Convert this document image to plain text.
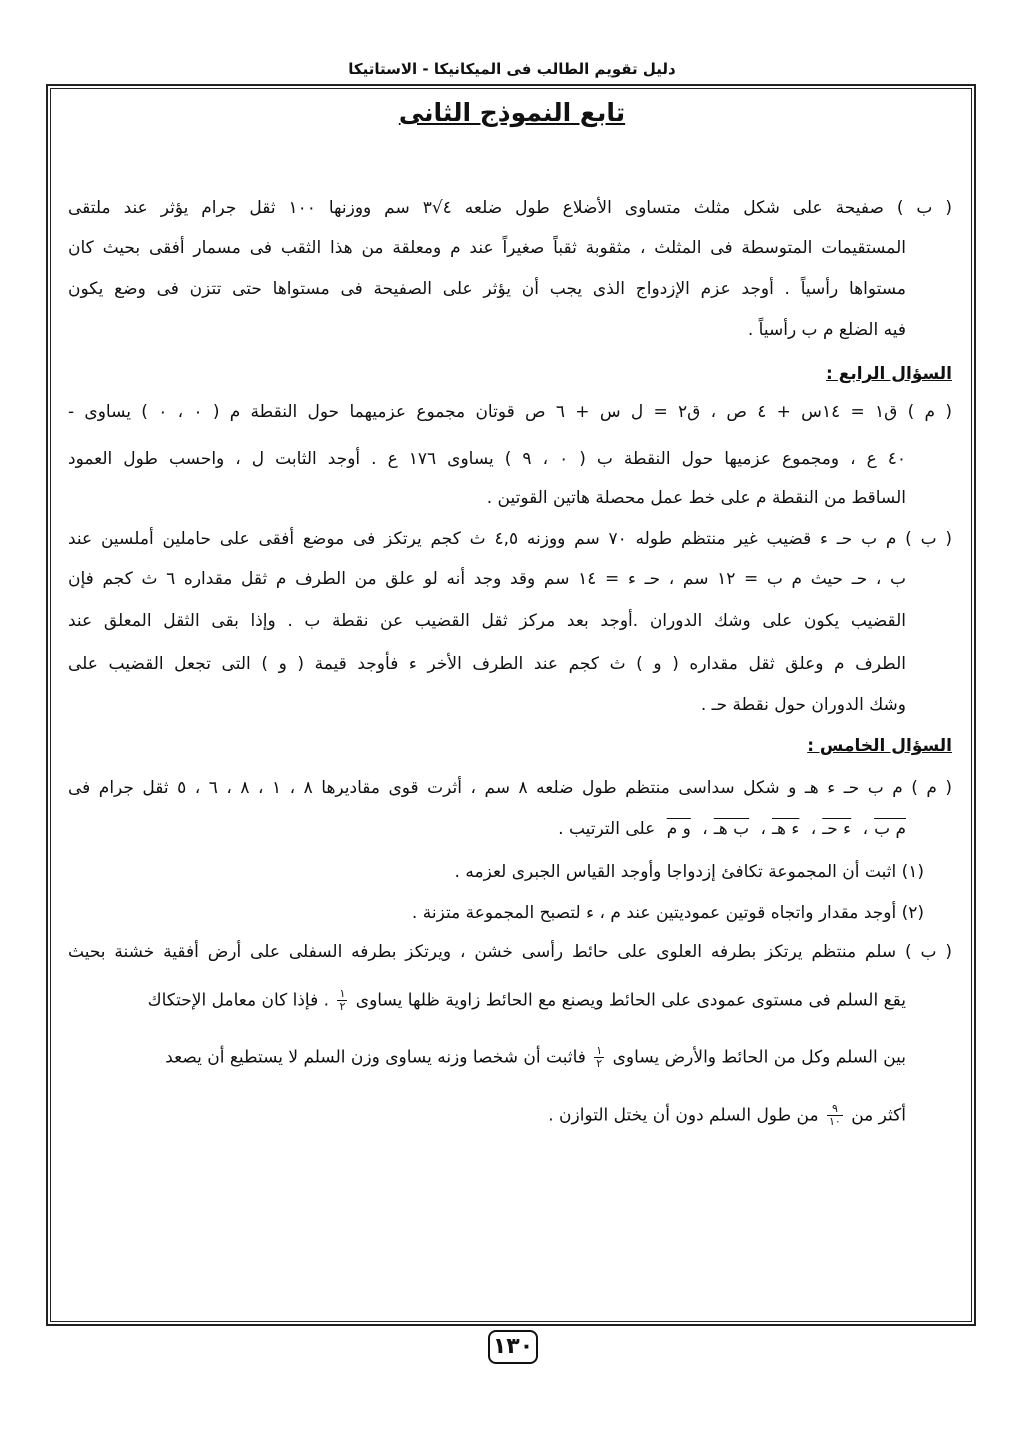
دليل تقويم الطالب فى الميكانيكا - الاستاتيكا
تابع النموذج الثانى
( ب ) صفيحة على شكل مثلث متساوى الأضلاع طول ضلعه ٤√٣ سم ووزنها ١٠٠ ثقل جرام يؤثر عند ملتقى
المستقيمات المتوسطة فى المثلث ، مثقوبة ثقباً صغيراً عند م ومعلقة من هذا الثقب فى مسمار أفقى بحيث كان
مستواها رأسياً . أوجد عزم الإزدواج الذى يجب أن يؤثر على الصفيحة فى مستواها حتى تتزن فى وضع يكون
فيه الضلع م ب رأسياً .
السؤال الرابع :
( م ) ق١ = ١٤س + ٤ ص ، ق٢ = ل س + ٦ ص قوتان مجموع عزميهما حول النقطة م ( ٠ ، ٠ ) يساوى -
٤٠ ع ، ومجموع عزميها حول النقطة ب ( ٠ ، ٩ ) يساوى ١٧٦ ع . أوجد الثابت ل ، واحسب طول العمود
الساقط من النقطة م على خط عمل محصلة هاتين القوتين .
( ب ) م ب حـ ء قضيب غير منتظم طوله ٧٠ سم ووزنه ٤,٥ ث كجم يرتكز فى موضع أفقى على حاملين أملسين عند
ب ، حـ حيث م ب = ١٢ سم ، حـ ء = ١٤ سم وقد وجد أنه لو علق من الطرف م ثقل مقداره ٦ ث كجم فإن
القضيب يكون على وشك الدوران .أوجد بعد مركز ثقل القضيب عن نقطة ب . وإذا بقى الثقل المعلق عند
الطرف م وعلق ثقل مقداره ( و ) ث كجم عند الطرف الأخر ء فأوجد قيمة ( و ) التى تجعل القضيب على
وشك الدوران حول نقطة حـ .
السؤال الخامس :
( م ) م ب حـ ء هـ و شكل سداسى منتظم طول ضلعه ٨ سم ، أثرت قوى مقاديرها ٨ ، ١ ، ٨ ، ٦ ، ٥ ثقل جرام فى
م ب، ء حـ، ء هـ، ب هـ، و م على الترتيب .
(١) اثبت أن المجموعة تكافئ إزدواجا وأوجد القياس الجبرى لعزمه .
(٢) أوجد مقدار واتجاه قوتين عموديتين عند م ، ء لتصبح المجموعة متزنة .
( ب ) سلم منتظم يرتكز بطرفه العلوى على حائط رأسى خشن ، ويرتكز بطرفه السفلى على أرض أفقية خشنة بحيث
يقع السلم فى مستوى عمودى على الحائط ويصنع مع الحائط زاوية ظلها يساوى
$\frac{١}{٢}$
. فإذا كان معامل الإحتكاك
بين السلم وكل من الحائط والأرض يساوى
$\frac{١}{٢}$
فاثبت أن شخصا وزنه يساوى وزن السلم لا يستطيع أن يصعد
أكثر من
$\frac{٩}{١٠}$
من طول السلم دون أن يختل التوازن .
١٣٠
